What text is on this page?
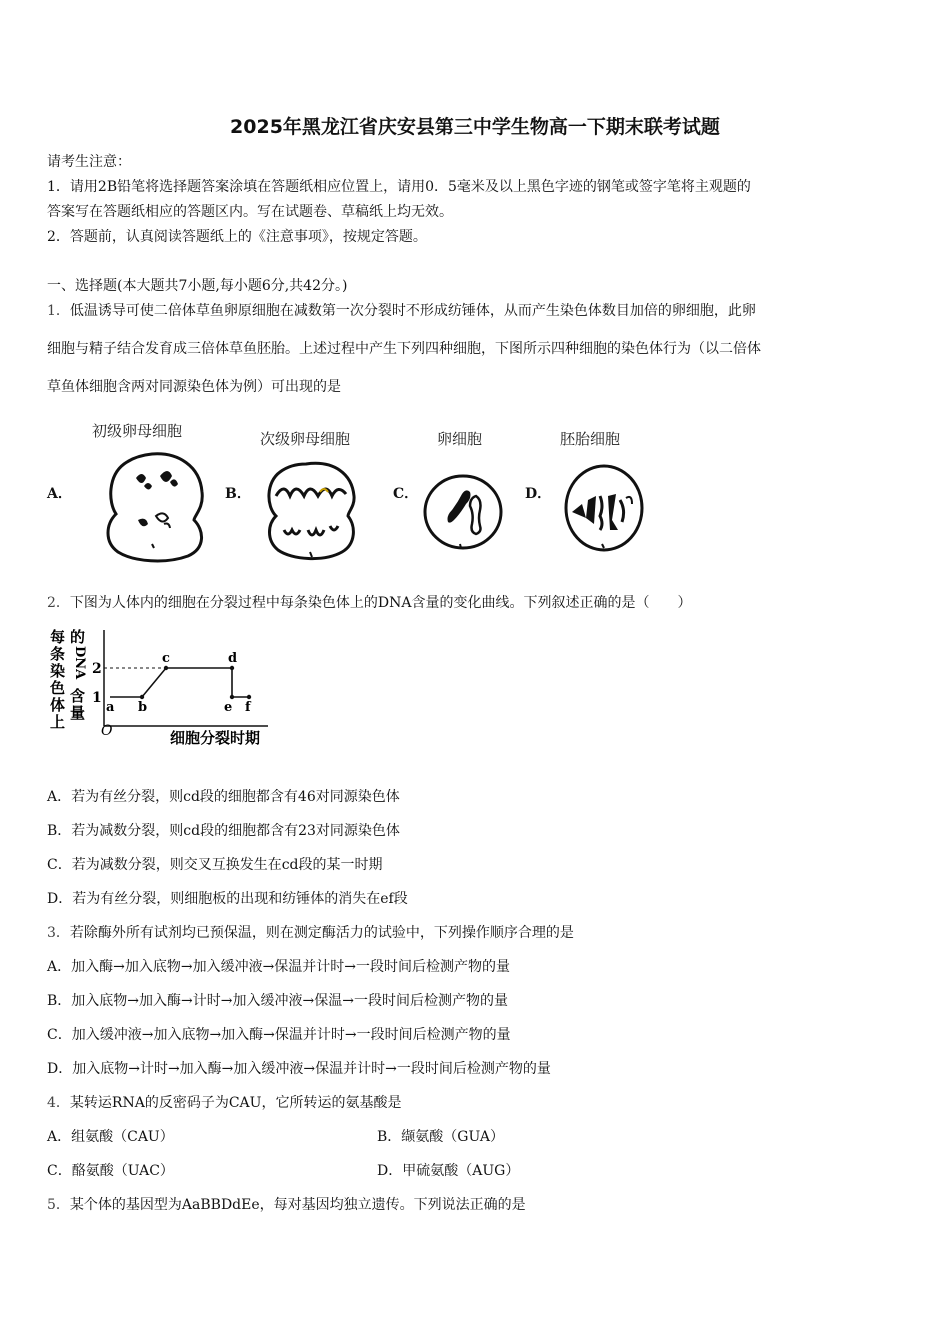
2025年黑龙江省庆安县第三中学生物高一下期末联考试题
请考生注意：
1．请用2B铅笔将选择题答案涂填在答题纸相应位置上，请用0．5毫米及以上黑色字迹的钢笔或签字笔将主观题的
答案写在答题纸相应的答题区内。写在试题卷、草稿纸上均无效。
2．答题前，认真阅读答题纸上的《注意事项》，按规定答题。
一、选择题(本大题共7小题,每小题6分,共42分。)
1．低温诱导可使二倍体草鱼卵原细胞在减数第一次分裂时不形成纺锤体，从而产生染色体数目加倍的卵细胞，此卵
细胞与精子结合发育成三倍体草鱼胚胎。上述过程中产生下列四种细胞，下图所示四种细胞的染色体行为（以二倍体
草鱼体细胞含两对同源染色体为例）可出现的是
初级卵母细胞	次级卵母细胞	卵细胞	胚胎细胞
A．	B．	C．	D．
2．下图为人体内的细胞在分裂过程中每条染色体上的DNA含量的变化曲线。下列叙述正确的是（　　）
每
条
染
色
体
上
的
DNA
含
量
1
2
a b
c	d
e f
O	细胞分裂时期
A．若为有丝分裂，则cd段的细胞都含有46对同源染色体
B．若为减数分裂，则cd段的细胞都含有23对同源染色体
C．若为减数分裂，则交叉互换发生在cd段的某一时期
D．若为有丝分裂，则细胞板的出现和纺锤体的消失在ef段
3．若除酶外所有试剂均已预保温，则在测定酶活力的试验中，下列操作顺序合理的是
A．加入酶→加入底物→加入缓冲液→保温并计时→一段时间后检测产物的量
B．加入底物→加入酶→计时→加入缓冲液→保温→一段时间后检测产物的量
C．加入缓冲液→加入底物→加入酶→保温并计时→一段时间后检测产物的量
D．加入底物→计时→加入酶→加入缓冲液→保温并计时→一段时间后检测产物的量
4．某转运RNA的反密码子为CAU，它所转运的氨基酸是
A．组氨酸（CAU）	B．缬氨酸（GUA）
C．酪氨酸（UAC）	D．甲硫氨酸（AUG）
5．某个体的基因型为AaBBDdEe，每对基因均独立遗传。下列说法正确的是
